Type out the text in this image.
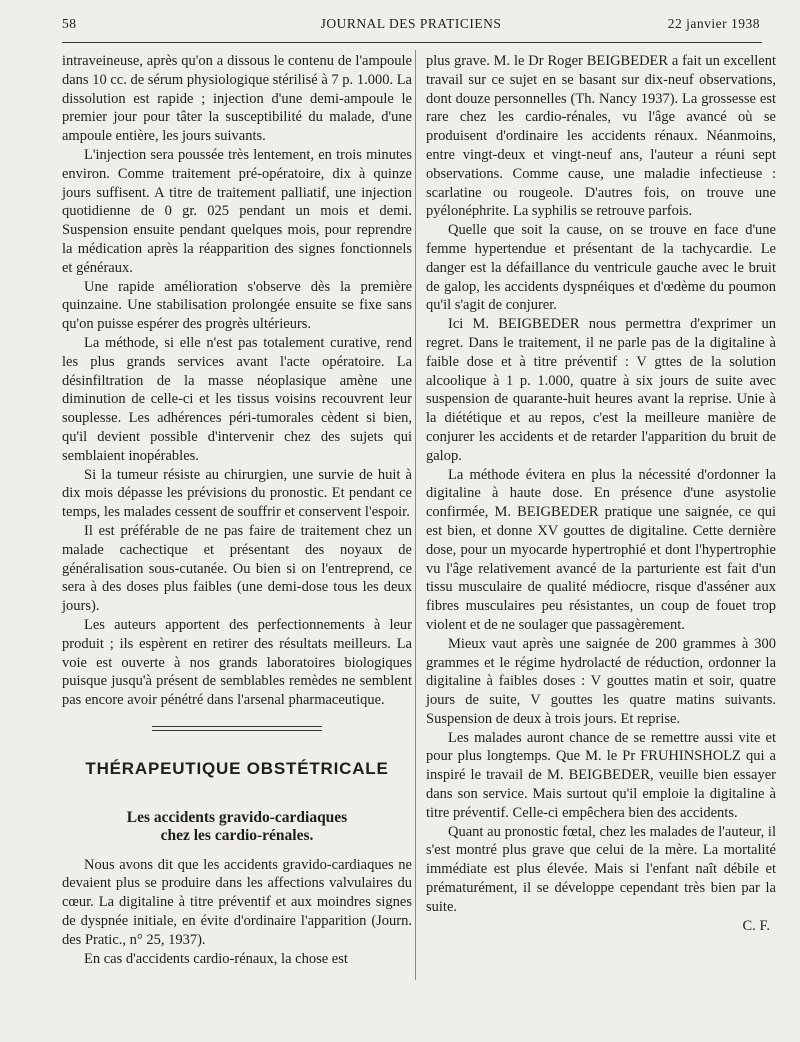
58	JOURNAL DES PRATICIENS	22 janvier 1938

intraveineuse, après qu'on a dissous le contenu de l'ampoule dans 10 cc. de sérum physiologique stérilisé à 7 p. 1.000. La dissolution est rapide ; injection d'une demi-ampoule le premier jour pour tâter la susceptibilité du malade, d'une ampoule entière, les jours suivants.

L'injection sera poussée très lentement, en trois minutes environ. Comme traitement pré-opératoire, dix à quinze jours suffisent. A titre de traitement palliatif, une injection quotidienne de 0 gr. 025 pendant un mois et demi. Suspension ensuite pendant quelques mois, pour reprendre la médication après la réapparition des signes fonctionnels et généraux.

Une rapide amélioration s'observe dès la première quinzaine. Une stabilisation prolongée ensuite se fixe sans qu'on puisse espérer des progrès ultérieurs.

La méthode, si elle n'est pas totalement curative, rend les plus grands services avant l'acte opératoire. La désinfiltration de la masse néoplasique amène une diminution de celle-ci et les tissus voisins recouvrent leur souplesse. Les adhérences péri-tumorales cèdent si bien, qu'il devient possible d'intervenir chez des sujets qui semblaient inopérables.

Si la tumeur résiste au chirurgien, une survie de huit à dix mois dépasse les prévisions du pronostic. Et pendant ce temps, les malades cessent de souffrir et conservent l'espoir.

Il est préférable de ne pas faire de traitement chez un malade cachectique et présentant des noyaux de généralisation sous-cutanée. Ou bien si on l'entreprend, ce sera à des doses plus faibles (une demi-dose tous les deux jours).

Les auteurs apportent des perfectionnements à leur produit ; ils espèrent en retirer des résultats meilleurs. La voie est ouverte à nos grands laboratoires biologiques puisque jusqu'à présent de semblables remèdes ne semblent pas encore avoir pénétré dans l'arsenal pharmaceutique.

THÉRAPEUTIQUE OBSTÉTRICALE
Les accidents gravido-cardiaques
chez les cardio-rénales.

Nous avons dit que les accidents gravido-cardiaques ne devaient plus se produire dans les affections valvulaires du cœur. La digitaline à titre préventif et aux moindres signes de dyspnée initiale, en évite d'ordinaire l'apparition (Journ. des Pratic., n° 25, 1937).

En cas d'accidents cardio-rénaux, la chose est

plus grave. M. le Dr Roger BEIGBEDER a fait un excellent travail sur ce sujet en se basant sur dix-neuf observations, dont douze personnelles (Th. Nancy 1937). La grossesse est rare chez les cardio-rénales, vu l'âge avancé où se produisent d'ordinaire les accidents rénaux. Néanmoins, entre vingt-deux et vingt-neuf ans, l'auteur a réuni sept observations. Comme cause, une maladie infectieuse : scarlatine ou rougeole. D'autres fois, on trouve une pyélonéphrite. La syphilis se retrouve parfois.

Quelle que soit la cause, on se trouve en face d'une femme hypertendue et présentant de la tachycardie. Le danger est la défaillance du ventricule gauche avec le bruit de galop, les accidents dyspnéiques et d'œdème du poumon qu'il s'agit de conjurer.

Ici M. BEIGBEDER nous permettra d'exprimer un regret. Dans le traitement, il ne parle pas de la digitaline à faible dose et à titre préventif : V gttes de la solution alcoolique à 1 p. 1.000, quatre à six jours de suite avec suspension de quarante-huit heures avant la reprise. Unie à la diététique et au repos, c'est la meilleure manière de conjurer les accidents et de retarder l'apparition du bruit de galop.

La méthode évitera en plus la nécessité d'ordonner la digitaline à haute dose. En présence d'une asystolie confirmée, M. BEIGBEDER pratique une saignée, ce qui est bien, et donne XV gouttes de digitaline. Cette dernière dose, pour un myocarde hypertrophié et dont l'hypertrophie vu l'âge relativement avancé de la parturiente est fait d'un tissu musculaire de qualité médiocre, risque d'asséner aux fibres musculaires peu résistantes, un coup de fouet trop violent et de ne soulager que passagèrement.

Mieux vaut après une saignée de 200 grammes à 300 grammes et le régime hydrolacté de réduction, ordonner la digitaline à faibles doses : V gouttes matin et soir, quatre jours de suite, V gouttes les quatre matins suivants. Suspension de deux à trois jours. Et reprise.

Les malades auront chance de se remettre aussi vite et pour plus longtemps. Que M. le Pr FRUHINSHOLZ qui a inspiré le travail de M. BEIGBEDER, veuille bien essayer dans son service. Mais surtout qu'il emploie la digitaline à titre préventif. Celle-ci empêchera bien des accidents.

Quant au pronostic fœtal, chez les malades de l'auteur, il s'est montré plus grave que celui de la mère. La mortalité immédiate est plus élevée. Mais si l'enfant naît débile et prématurément, il se développe cependant très bien par la suite.

C. F.
